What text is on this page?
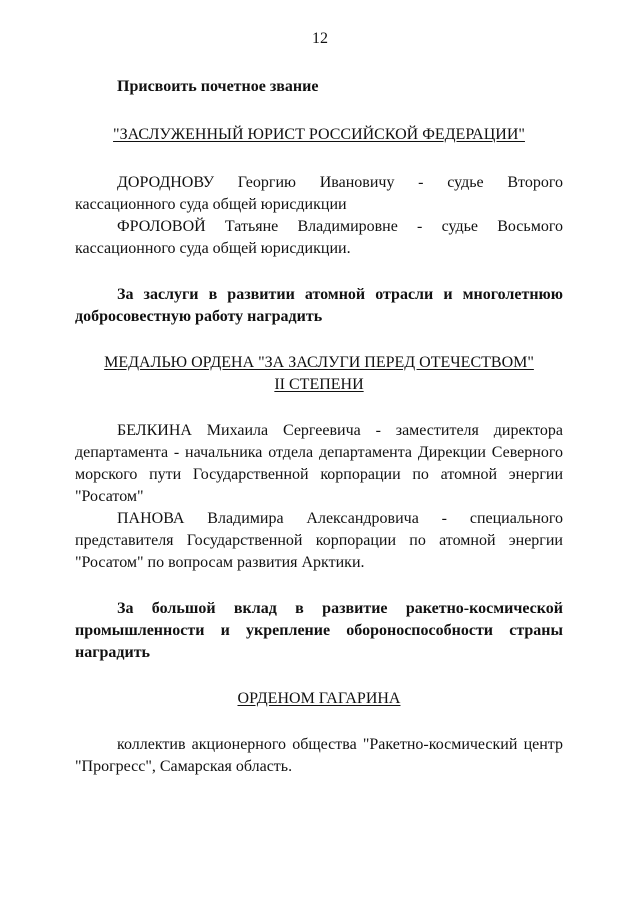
12

Присвоить почетное звание

"ЗАСЛУЖЕННЫЙ ЮРИСТ РОССИЙСКОЙ ФЕДЕРАЦИИ"

ДОРОДНОВУ Георгию Ивановичу - судье Второго кассационного суда общей юрисдикции

ФРОЛОВОЙ Татьяне Владимировне - судье Восьмого кассационного суда общей юрисдикции.

За заслуги в развитии атомной отрасли и многолетнюю добросовестную работу наградить

МЕДАЛЬЮ ОРДЕНА "ЗА ЗАСЛУГИ ПЕРЕД ОТЕЧЕСТВОМ"

II СТЕПЕНИ

БЕЛКИНА Михаила Сергеевича - заместителя директора департамента - начальника отдела департамента Дирекции Северного морского пути Государственной корпорации по атомной энергии "Росатом"

ПАНОВА Владимира Александровича - специального представителя Государственной корпорации по атомной энергии "Росатом" по вопросам развития Арктики.

За большой вклад в развитие ракетно-космической промышленности и укрепление обороноспособности страны наградить

ОРДЕНОМ ГАГАРИНА

коллектив акционерного общества "Ракетно-космический центр "Прогресс", Самарская область.
